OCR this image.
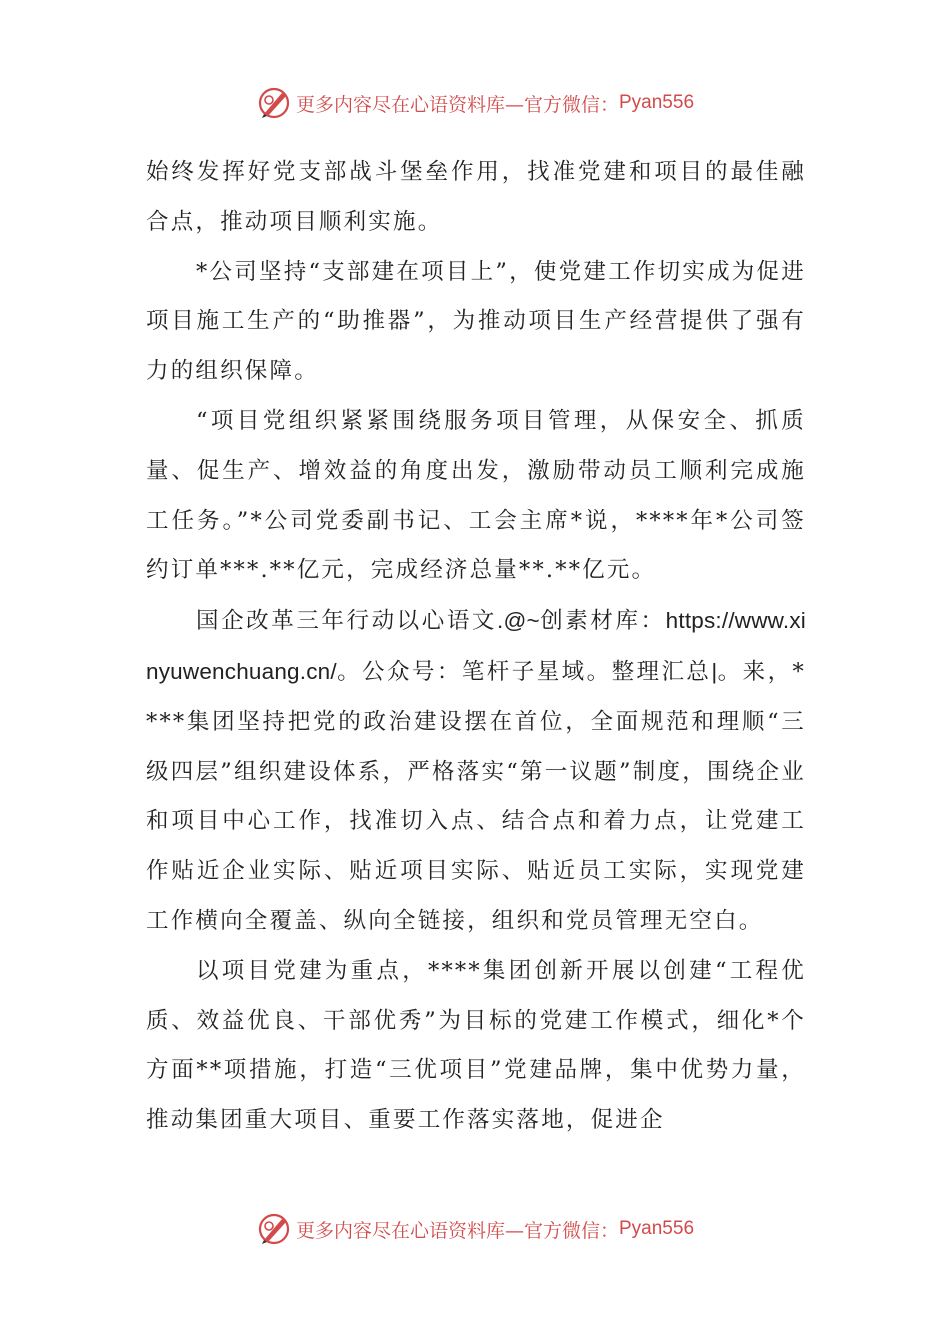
更多内容尽在心语资料库—官方微信： Pyan556

始终发挥好党支部战斗堡垒作用，找准党建和项目的最佳融合点，推动项目顺利实施。

*公司坚持“支部建在项目上”，使党建工作切实成为促进项目施工生产的“助推器”，为推动项目生产经营提供了强有力的组织保障。

“项目党组织紧紧围绕服务项目管理，从保安全、抓质量、促生产、增效益的角度出发，激励带动员工顺利完成施工任务。”*公司党委副书记、工会主席*说，****年*公司签约订单***.**亿元，完成经济总量**.**亿元。

国企改革三年行动以心语文.@~创素材库：https://www.xinyuwenchuang.cn/。公众号：笔杆子星域。整理汇总|。来，****集团坚持把党的政治建设摆在首位，全面规范和理顺“三级四层”组织建设体系，严格落实“第一议题”制度，围绕企业和项目中心工作，找准切入点、结合点和着力点，让党建工作贴近企业实际、贴近项目实际、贴近员工实际，实现党建工作横向全覆盖、纵向全链接，组织和党员管理无空白。

以项目党建为重点，****集团创新开展以创建“工程优质、效益优良、干部优秀”为目标的党建工作模式，细化*个方面**项措施，打造“三优项目”党建品牌，集中优势力量，推动集团重大项目、重要工作落实落地，促进企

更多内容尽在心语资料库—官方微信： Pyan556
